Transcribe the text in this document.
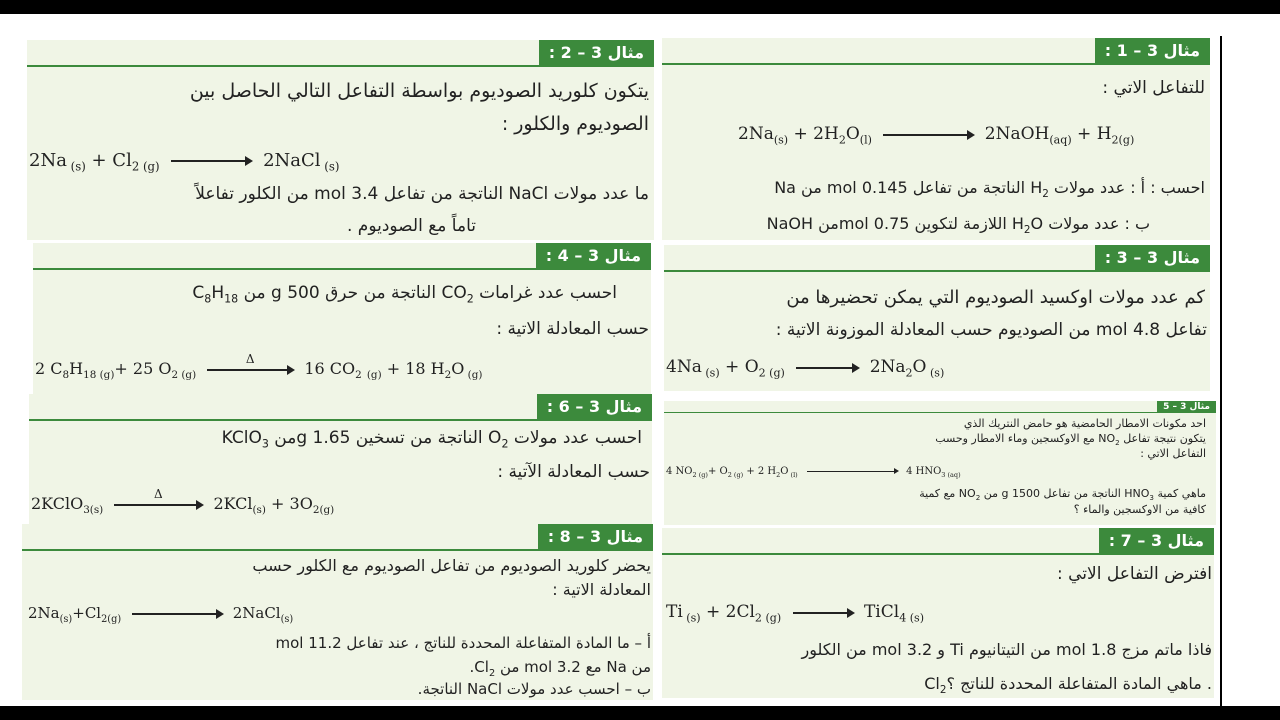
مثال 3 – 2 :
يتكون كلوريد الصوديوم بواسطة التفاعل التالي الحاصل بين
الصوديوم والكلور :
2Na $_{(s)} + Cl_{2 (g)}$	2NaCl $_{(s)}$
ما عدد مولات NaCl الناتجة من تفاعل 3.4 mol من الكلور تفاعلاً
تاماً مع الصوديوم .
مثال 3 – 1 :
للتفاعل الاتي :
$2Na_{(s)} + 2H_2O_{(l)}$	2NaOH$_{(aq)}$ + $H_{2(g)}$
احسب : أ : عدد مولات $H_2$ الناتجة من تفاعل 0.145 mol من Na
ب : عدد مولات $H_2O$ اللازمة لتكوين 0.75 molمن NaOH
مثال 3 – 4 :
احسب عدد غرامات $CO_2$ الناتجة من حرق 500 g من $C_8H_{18}$
حسب المعادلة الاتية :
2 $C_8H_{18 (g)}+ 25$ $O_{2 (g)}$
Δ
16 $CO_2$ $_{(g)}$ + 18 $H_2O$ $_{(g)}$
مثال 3 – 3 :
كم عدد مولات اوكسيد الصوديوم التي يمكن تحضيرها من
تفاعل 4.8 mol من الصوديوم حسب المعادلة الموزونة الاتية :
4Na $_{(s)} + O_{2 (g)} \to 2Na_2O$ $_{(s)}$
مثال 3 – 6 :
احسب عدد مولات $O_2$ الناتجة من تسخين 1.65 gمن KClO$_3$
حسب المعادلة الآتية :
2KClO$_{3(s)}$
Δ
$2KCl_{(s)} + 3O_{2(g)}$
مثال 3 – 5
احد مكونات الامطار الحامضية هو حامض النتريك الذي
يتكون نتيجة تفاعل $NO_2$ مع الاوكسجين وماء الامطار وحسب
التفاعل الاتي :
4 $NO_{2 (g)}+ O_{2 (g)} + 2$ $H_2O$ $_{(l)}$	4 $HNO_{3 (aq)}$
ماهي كمية $HNO_3$ الناتجة من تفاعل g 1500 من $NO_2$ مع كمية
كافية من الاوكسجين والماء ؟
مثال 3 – 8 :
يحضر كلوريد الصوديوم من تفاعل الصوديوم مع الكلور حسب
المعادلة الاتية :
$2Na_{(s)}+Cl_{2(g)}$	2NaCl$_{(s)}$
أ – ما المادة المتفاعلة المحددة للناتج ، عند تفاعل 11.2 mol
من Na مع 3.2 mol من $Cl_2$.
ب – احسب عدد مولات NaCl الناتجة.
مثال 3 – 7 :
افترض التفاعل الاتي :
Ti $_{(s)} + 2Cl_{2 (g)}$ → TiCl$_{4 (s)}$
فاذا ماتم مزج 1.8 mol من التيتانيوم Ti و 3.2 mol من الكلور
. ماهي المادة المتفاعلة المحددة للناتج $؟Cl_2$
